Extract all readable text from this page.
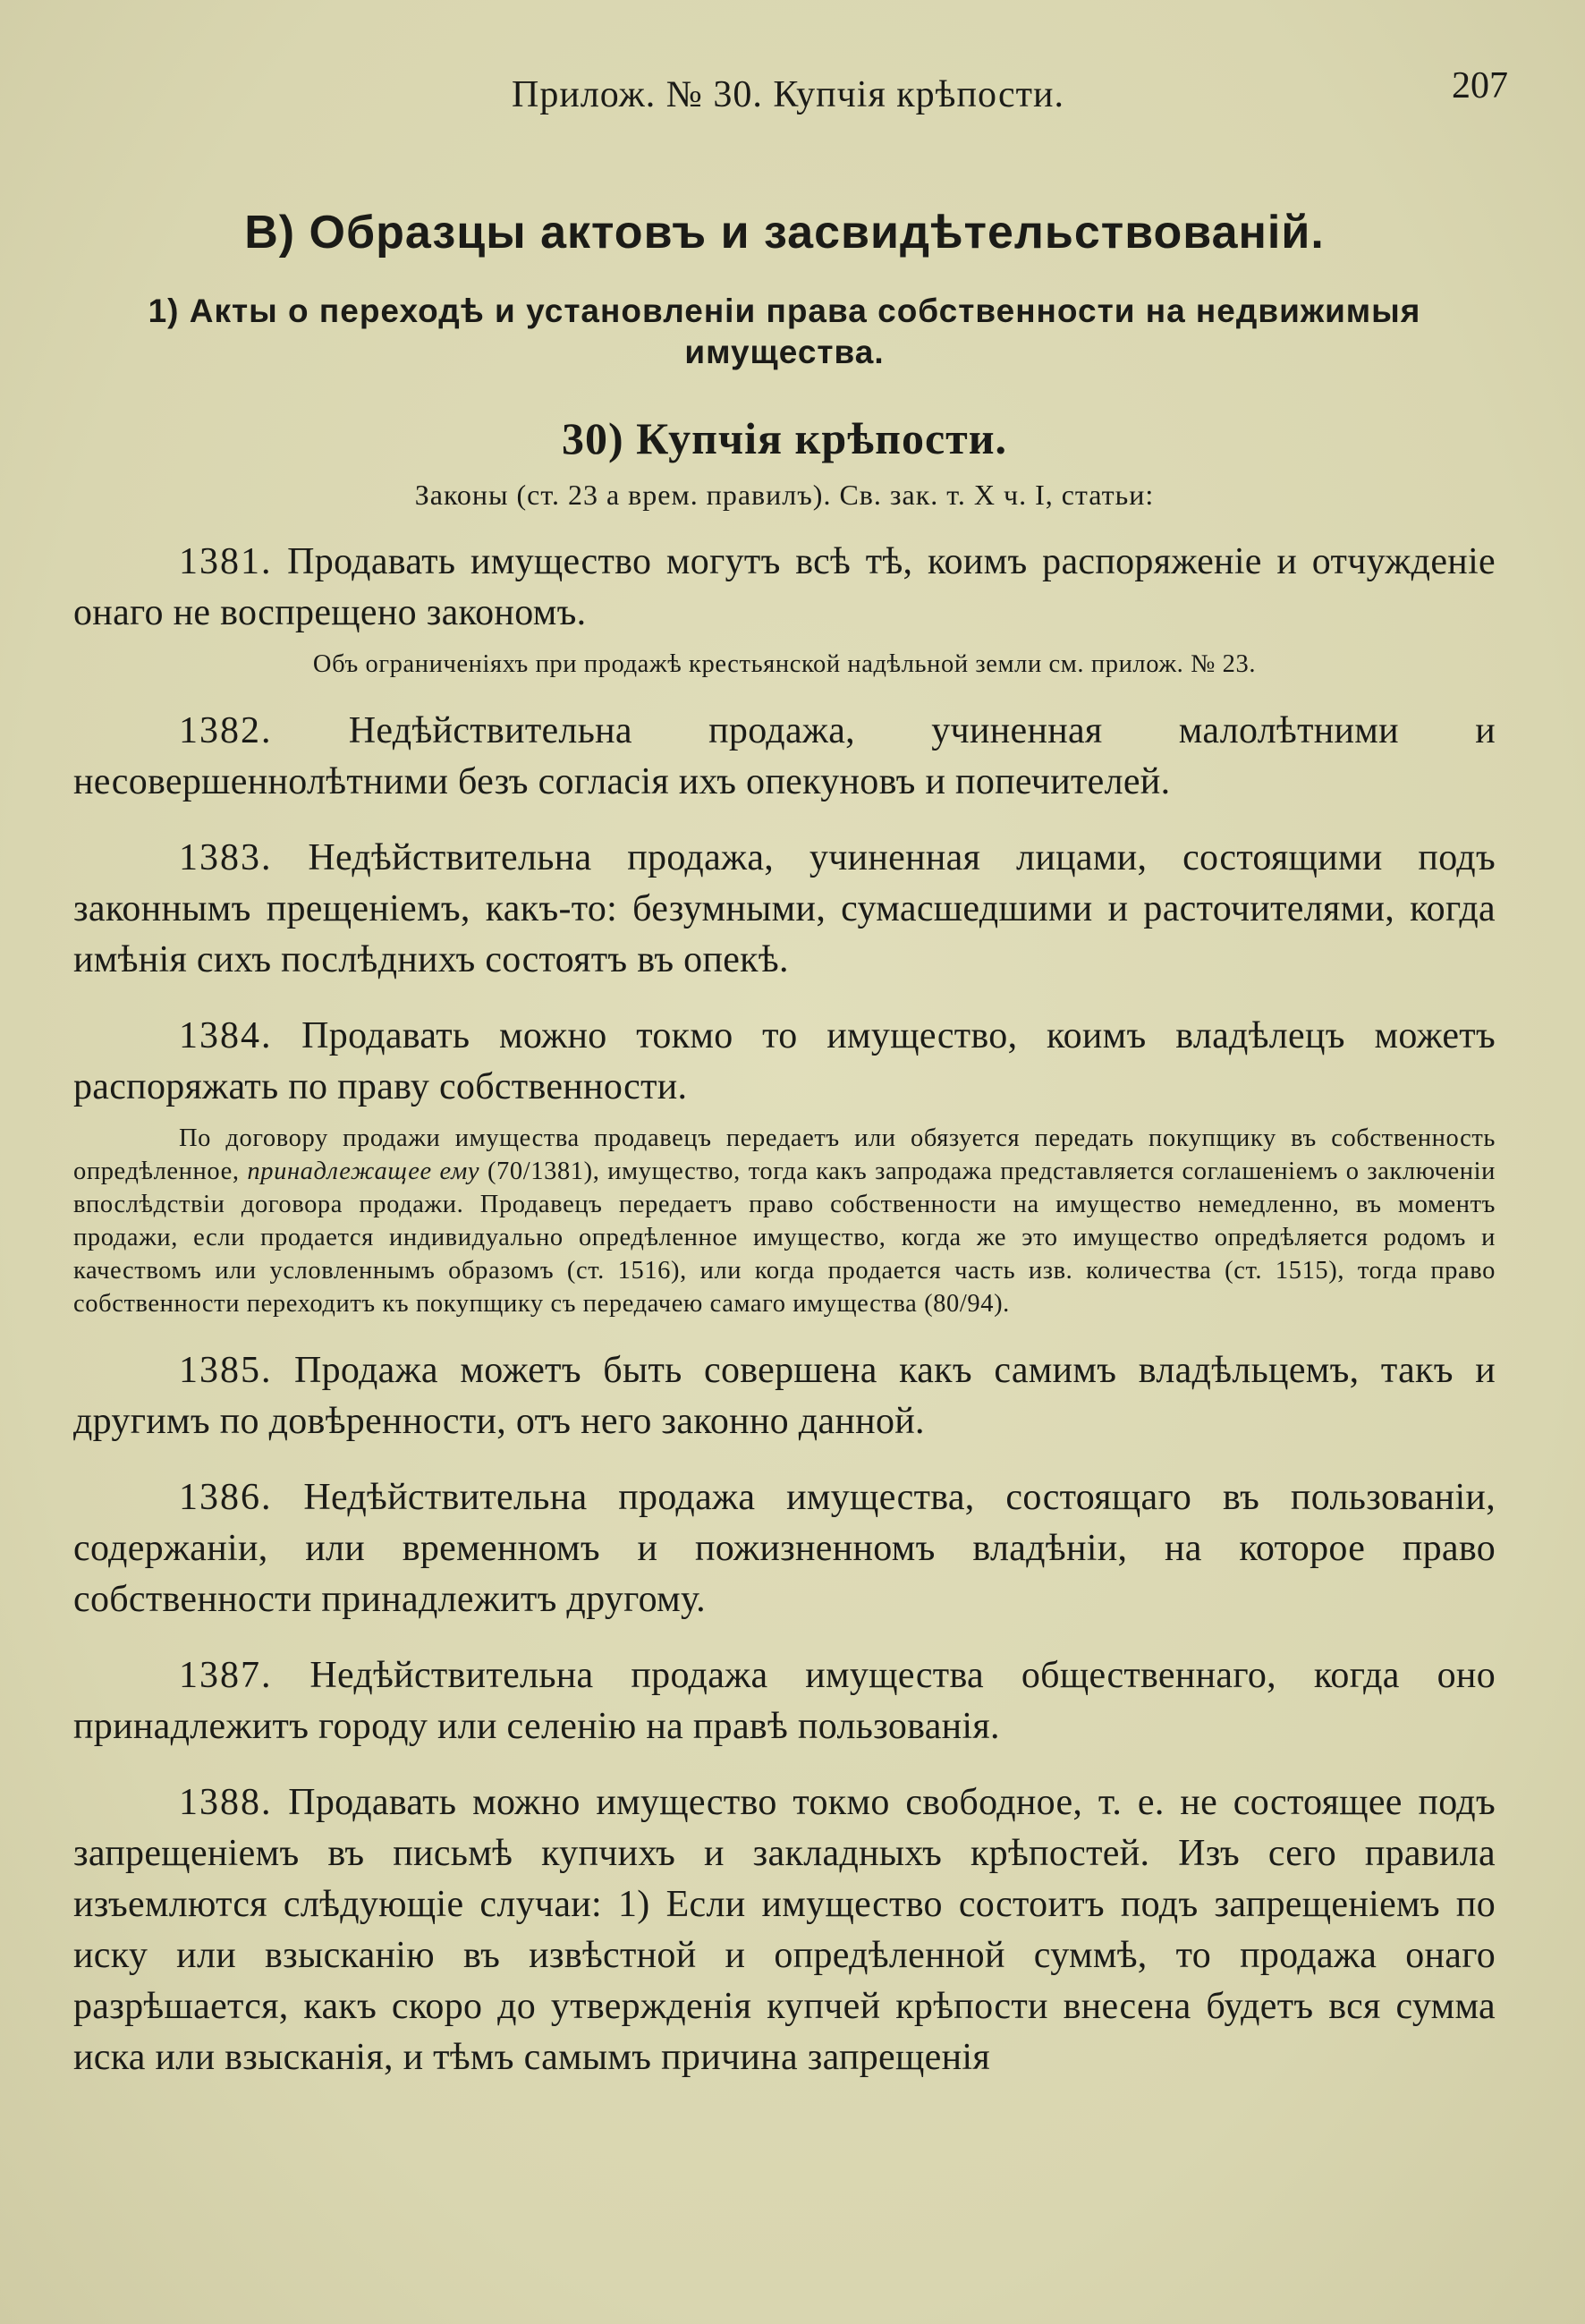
Прилож. № 30. Купчія крѣпости.	207
B) Образцы актовъ и засвидѣтельствованій.
1) Акты о переходѣ и установленіи права собственности на недвижимыя имущества.
30) Купчія крѣпости.

Законы (ст. 23 а врем. правилъ). Св. зак. т. X ч. I, статьи:

1381. Продавать имущество могутъ всѣ тѣ, коимъ распоряженіе и отчужденіе онаго не воспрещено закономъ.

Объ ограниченіяхъ при продажѣ крестьянской надѣльной земли см. прилож. № 23.

1382. Недѣйствительна продажа, учиненная малолѣтними и несовершеннолѣтними безъ согласія ихъ опекуновъ и попечителей.

1383. Недѣйствительна продажа, учиненная лицами, состоящими подъ законнымъ прещеніемъ, какъ-то: безумными, сумасшедшими и расточителями, когда имѣнія сихъ послѣднихъ состоятъ въ опекѣ.

1384. Продавать можно токмо то имущество, коимъ владѣлецъ можетъ распоряжать по праву собственности.

По договору продажи имущества продавецъ передаетъ или обязуется передать покупщику въ собственность опредѣленное, принадлежащее ему (70/1381), имущество, тогда какъ запродажа представляется соглашеніемъ о заключеніи впослѣдствіи договора продажи. Продавецъ передаетъ право собственности на имущество немедленно, въ моментъ продажи, если продается индивидуально опредѣленное имущество, когда же это имущество опредѣляется родомъ и качествомъ или условленнымъ образомъ (ст. 1516), или когда продается часть изв. количества (ст. 1515), тогда право собственности переходитъ къ покупщику съ передачею самаго имущества (80/94).

1385. Продажа можетъ быть совершена какъ самимъ владѣльцемъ, такъ и другимъ по довѣренности, отъ него законно данной.

1386. Недѣйствительна продажа имущества, состоящаго въ пользованіи, содержаніи, или временномъ и пожизненномъ владѣніи, на которое право собственности принадлежитъ другому.

1387. Недѣйствительна продажа имущества общественнаго, когда оно принадлежитъ городу или селенію на правѣ пользованія.

1388. Продавать можно имущество токмо свободное, т. е. не состоящее подъ запрещеніемъ въ письмѣ купчихъ и закладныхъ крѣпостей. Изъ сего правила изъемлются слѣдующіе случаи: 1) Если имущество состоитъ подъ запрещеніемъ по иску или взысканію въ извѣстной и опредѣленной суммѣ, то продажа онаго разрѣшается, какъ скоро до утвержденія купчей крѣпости внесена будетъ вся сумма иска или взысканія, и тѣмъ самымъ причина запрещенія
